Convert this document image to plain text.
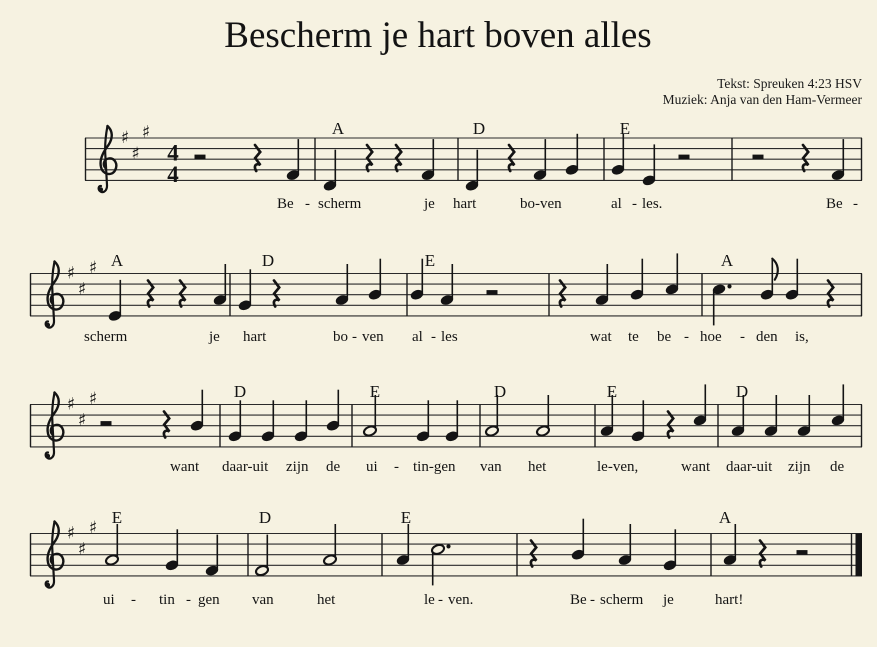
Bescherm je hart boven alles
Tekst: Spreuken 4:23 HSV
Muziek: Anja van den Ham-Vermeer
♯
♯
♯
4
4
♯
♯
♯
♯
♯
♯
♯
♯
♯
A	D	E
Be - scherm	je hart	bo-ven	al - les.	Be -
A	D	E	A
scherm	je hart	bo - ven al - les	wat te be - hoe - den is,
D	E	D	E	D
want daar-uit zijn de ui - tin-gen van het	le-ven,	want daar-uit zijn de
E	D	E	A
ui - tin - gen van	het	le - ven.	Be - scherm je	hart!
